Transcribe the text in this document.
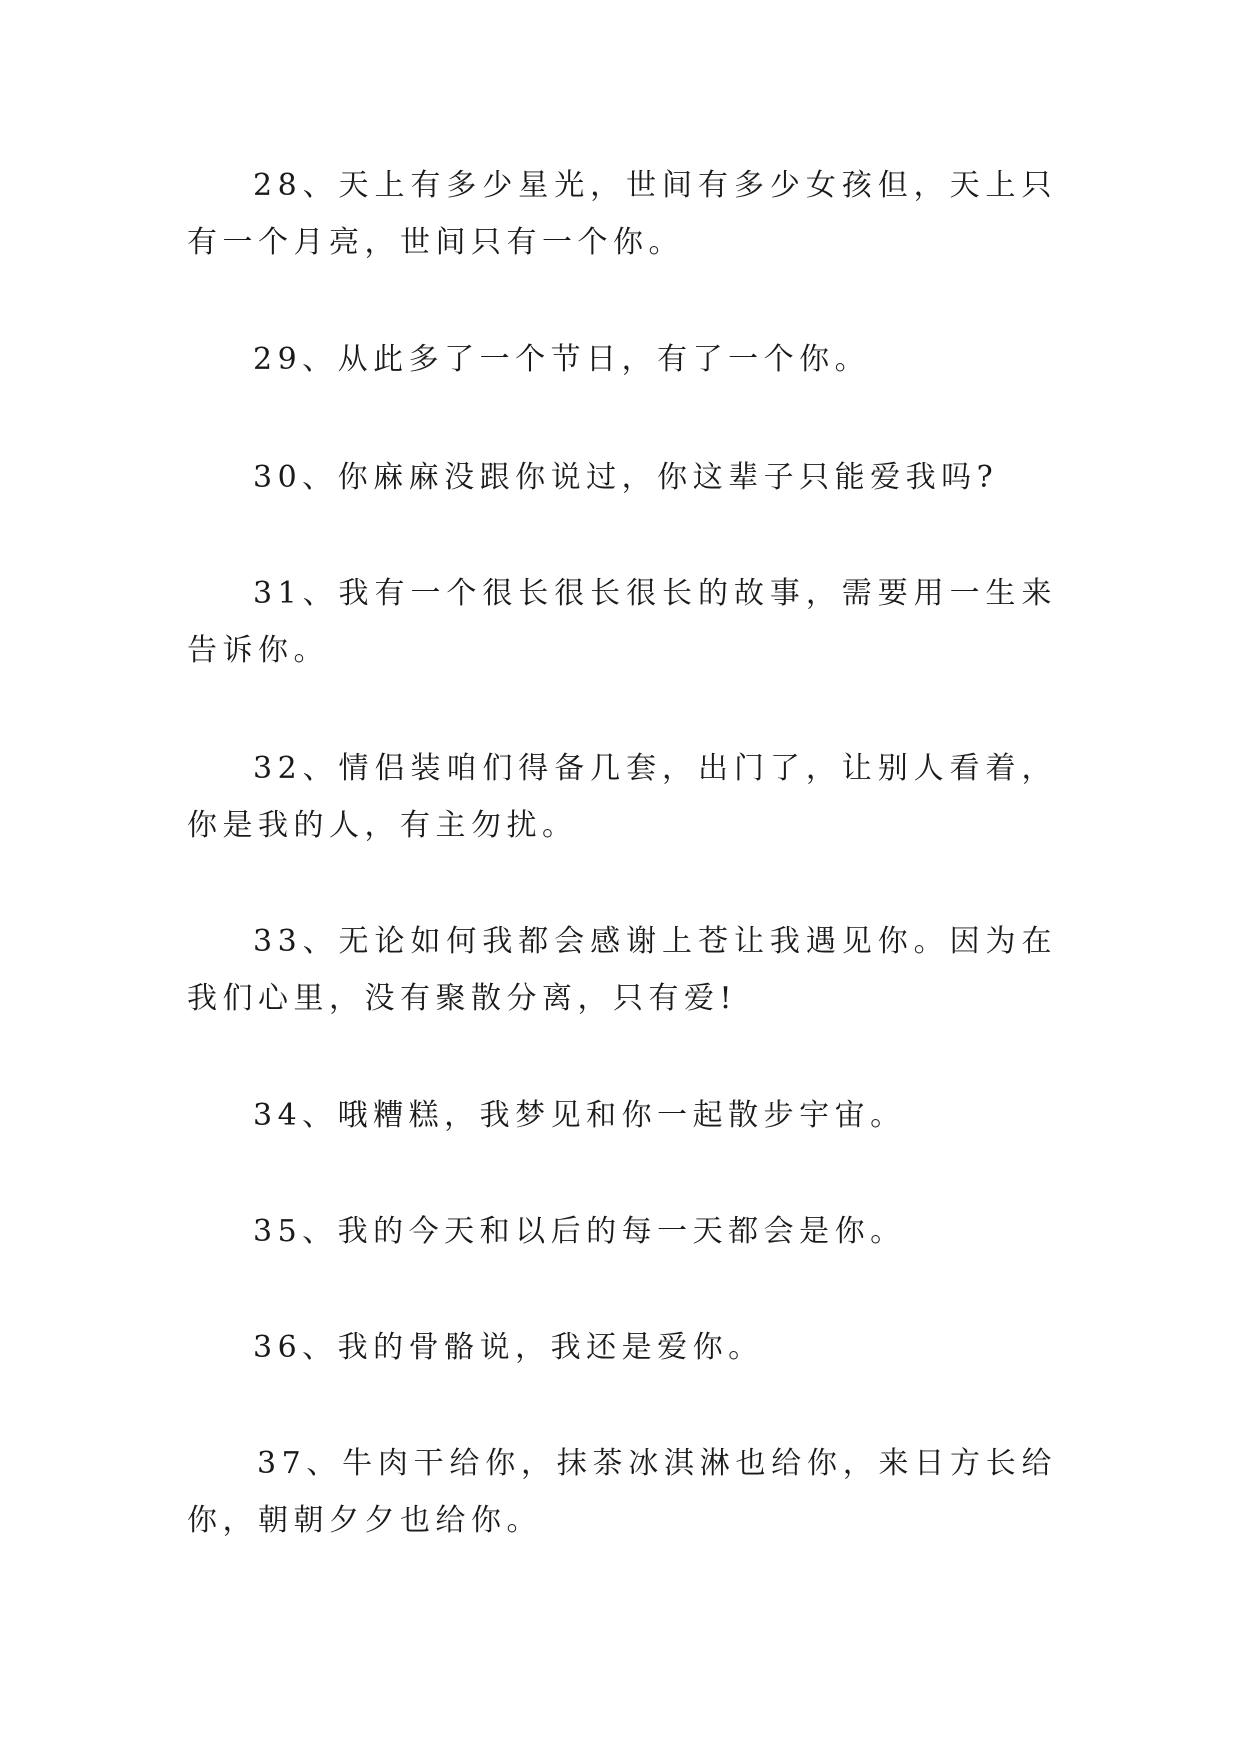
28、天上有多少星光，世间有多少女孩但，天上只有一个月亮，世间只有一个你。

29、从此多了一个节日，有了一个你。

30、你麻麻没跟你说过，你这辈子只能爱我吗?

31、我有一个很长很长很长的故事，需要用一生来告诉你。

32、情侣装咱们得备几套，出门了，让别人看着，你是我的人，有主勿扰。

33、无论如何我都会感谢上苍让我遇见你。因为在我们心里，没有聚散分离，只有爱!

34、哦糟糕，我梦见和你一起散步宇宙。

35、我的今天和以后的每一天都会是你。

36、我的骨骼说，我还是爱你。

37、牛肉干给你，抹茶冰淇淋也给你，来日方长给你，朝朝夕夕也给你。
